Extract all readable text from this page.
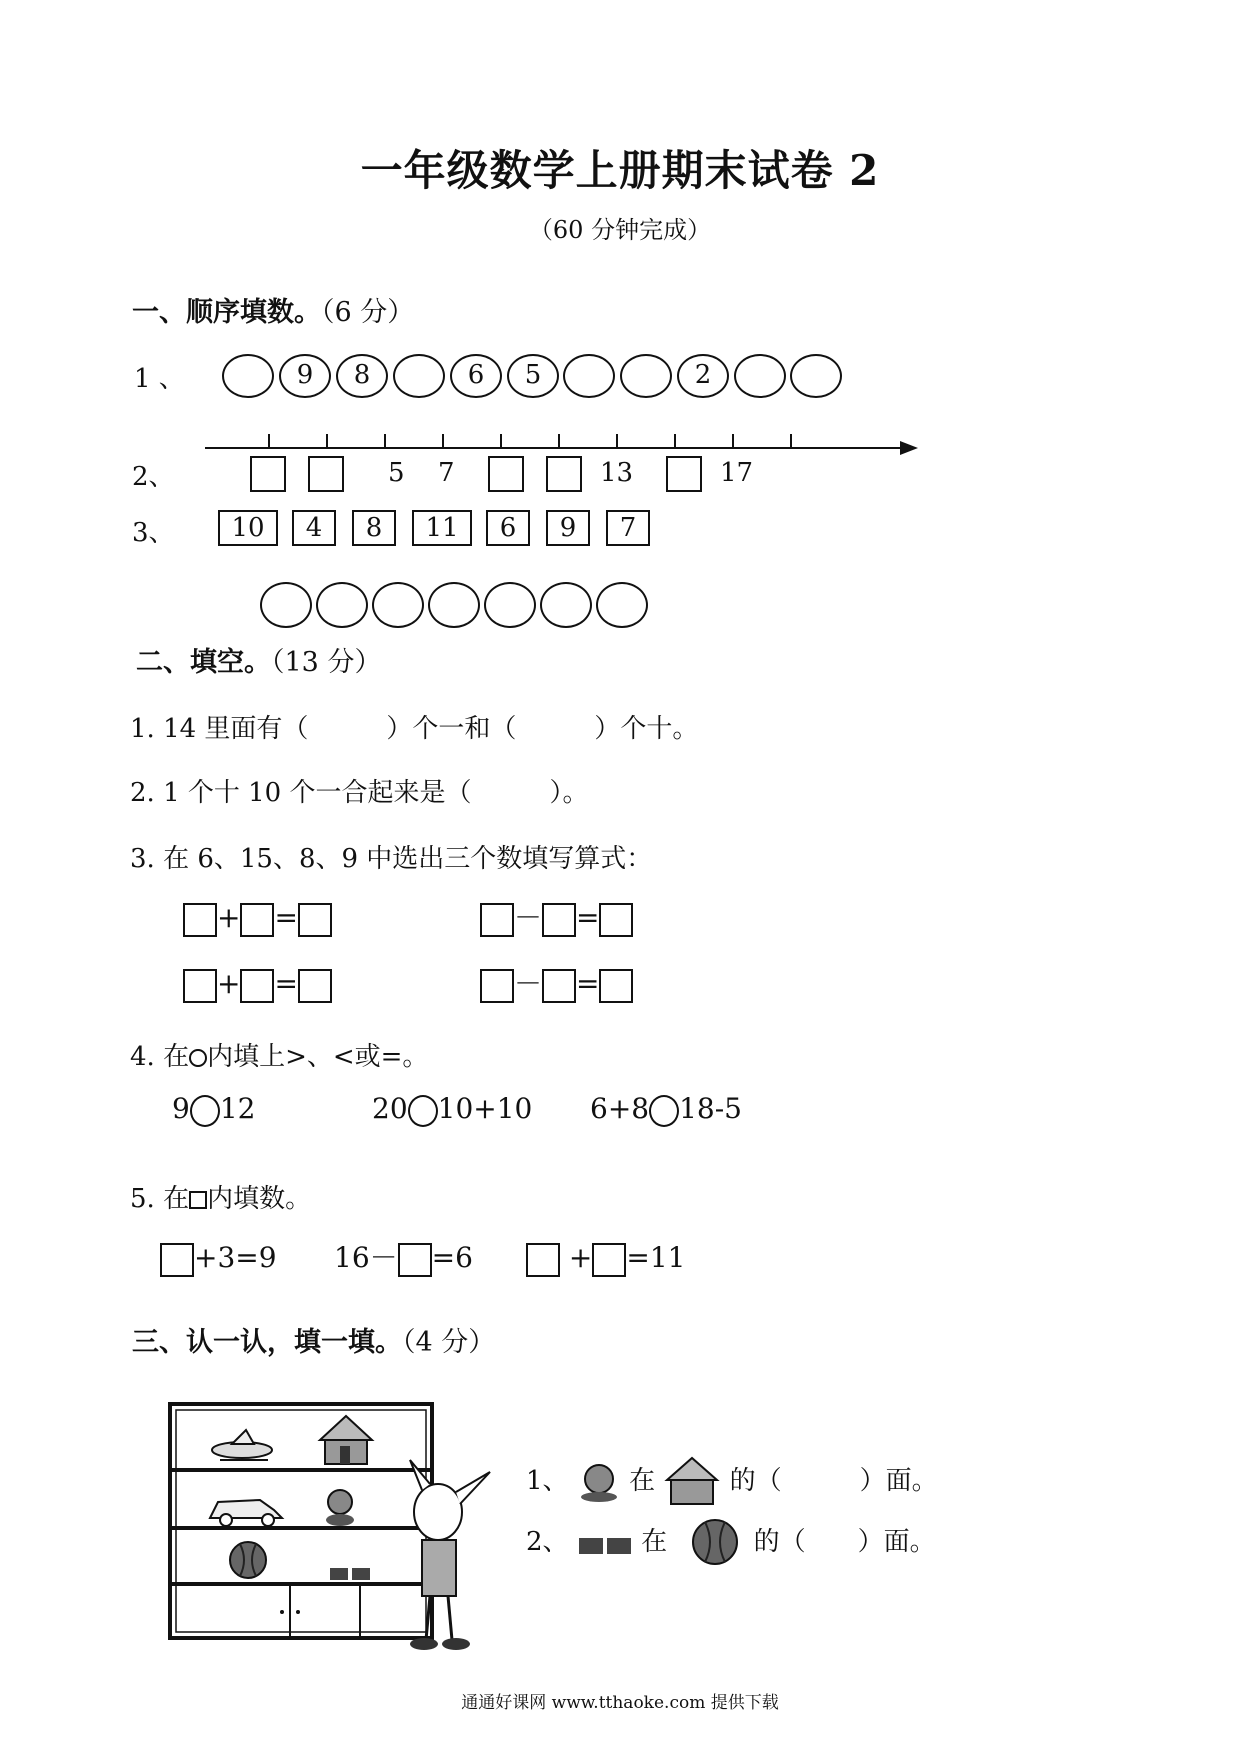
一年级数学上册期末试卷 2
（60 分钟完成）
一、顺序填数。（6 分）
1 、	9	8	6	5	2
2、	5 7	13	17
3、	10	4	8	11	6	9	7
二、填空。（13 分）
1. 14 里面有（　　　）个一和（　　　）个十。
2. 1 个十 10 个一合起来是（　　　）。
3. 在 6、15、8、9 中选出三个数填写算式：
+ =	－ =
+ =	－ =
4. 在 内填上>、<或=。
9 12	20 10+10 6+8 18-5
5. 在 内填数。
+3=9 16－ =6	+ =11
三、认一认，填一填。（4 分）
1、 在	的（　　　）面。
2、	在	的（　　）面。
通通好课网 www.tthaoke.com 提供下载
